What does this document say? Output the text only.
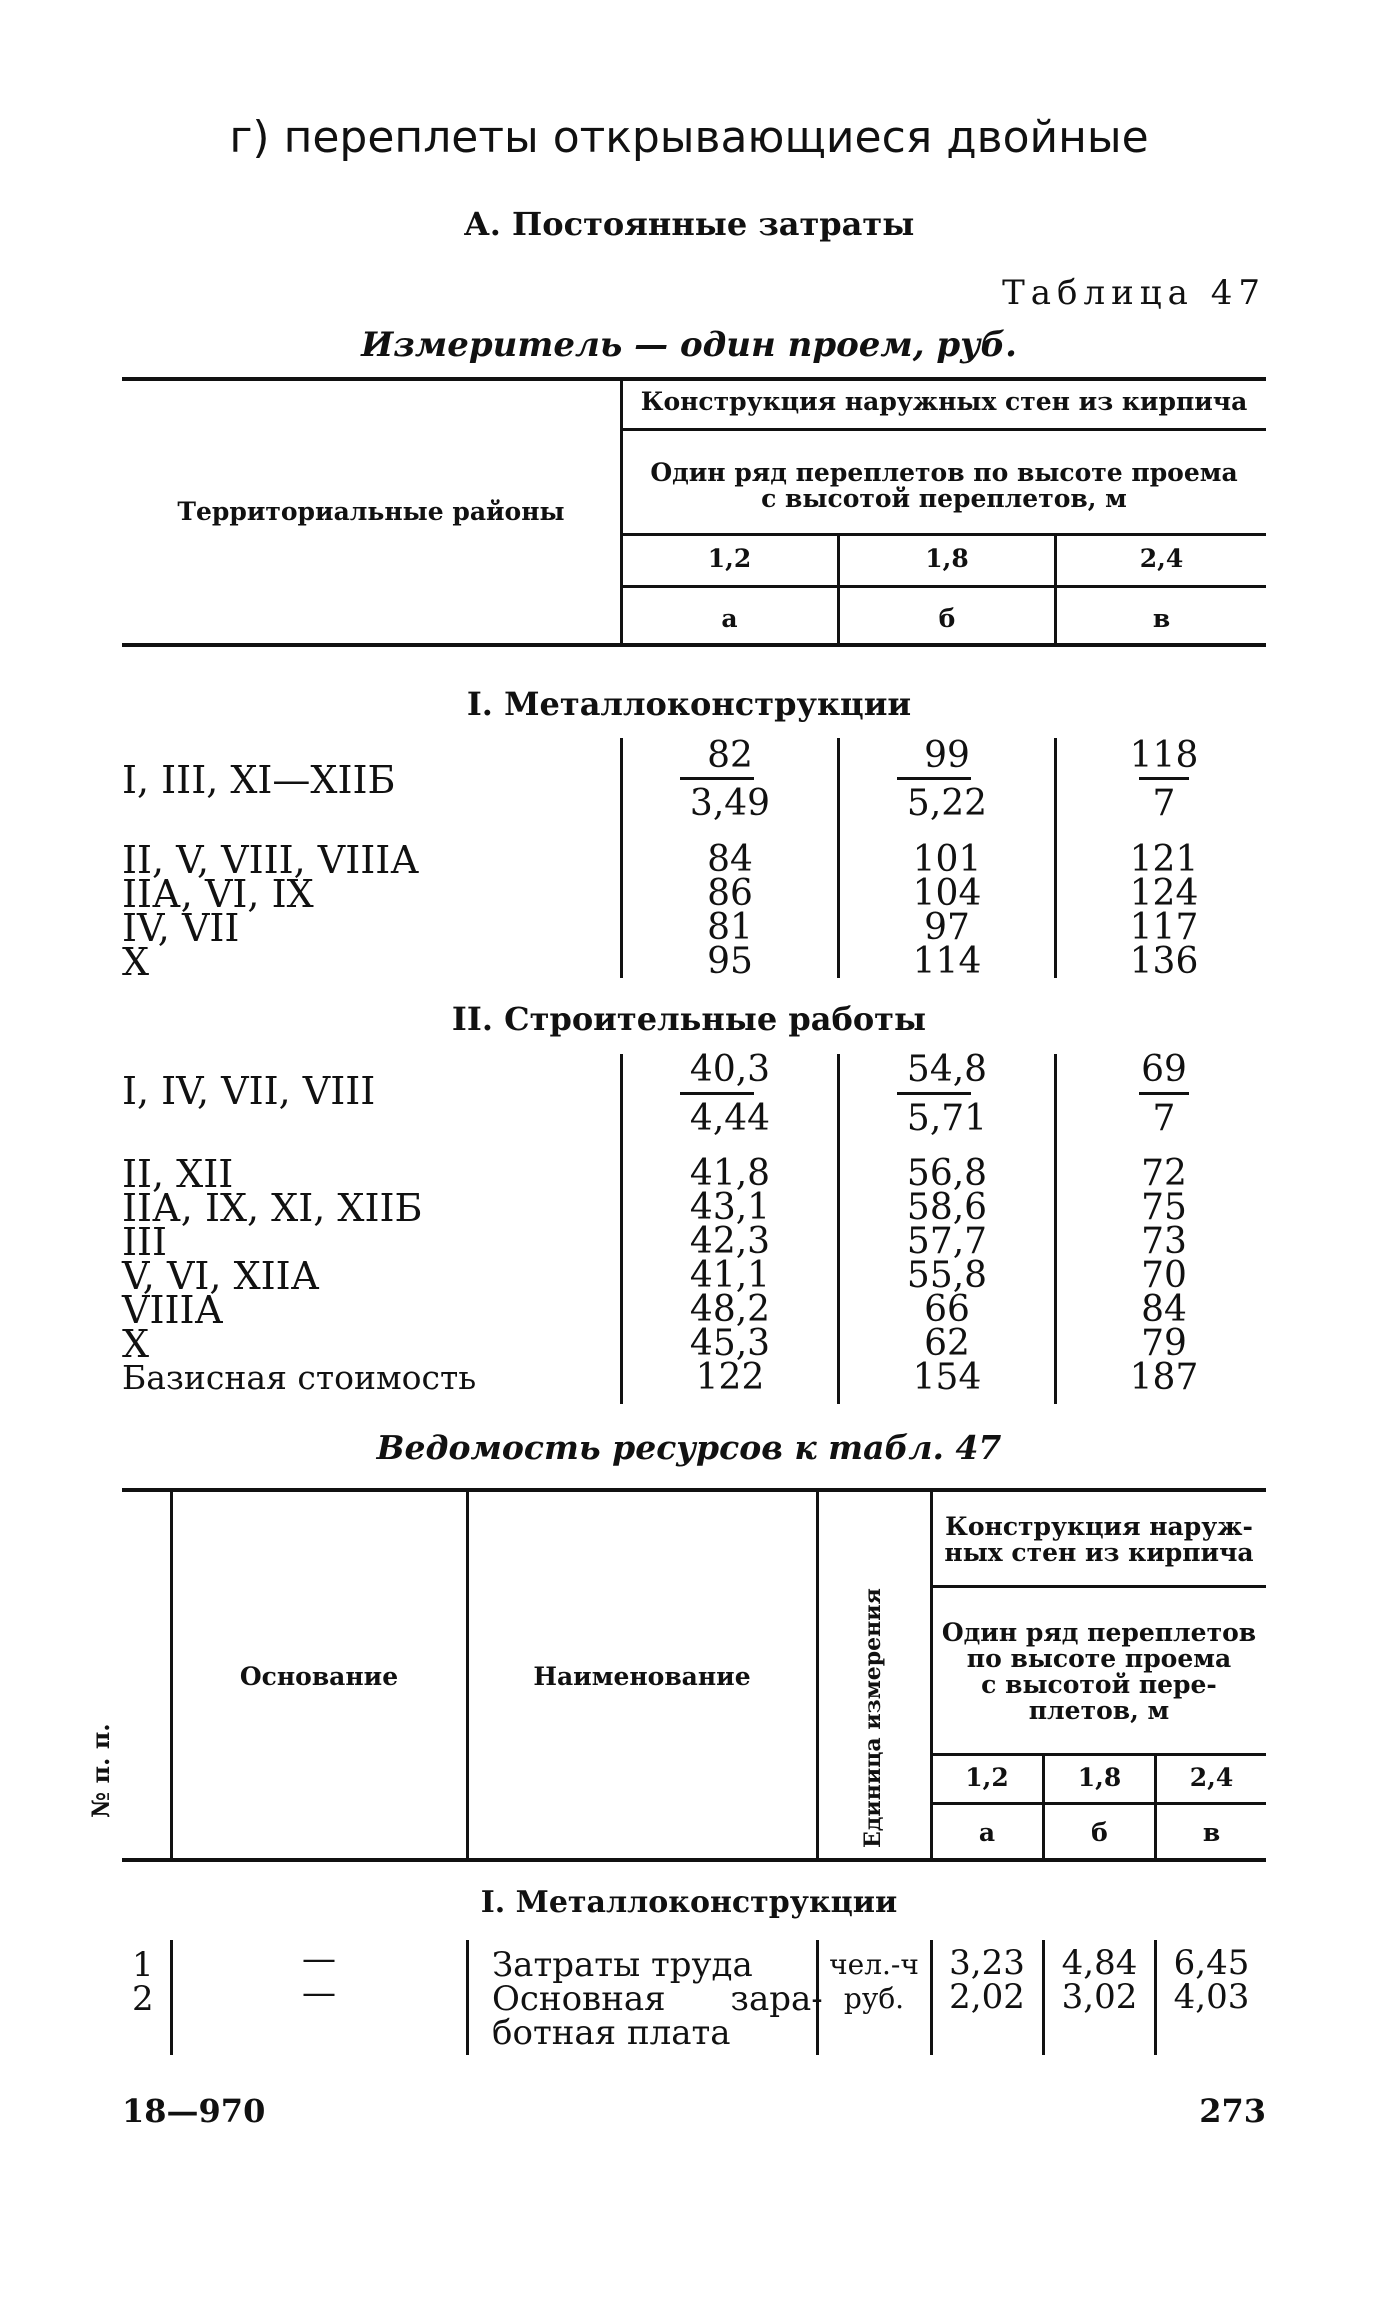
г) переплеты открывающиеся двойные
А. Постоянные затраты
Таблица 47
Измеритель — один проем, руб.
Территориальные районы
Конструкция наружных стен из кирпича
Один ряд переплетов по высоте проема
с высотой переплетов, м
1,2	1,8	2,4
а	б	в
I. Металлоконструкции
I, III, XI—XIIБ
82	99	118
3,49	5,22	7
II, V, VIII, VIIIА	84	101	121
IIА, VI, IX	86	104	124
IV, VII	81	97	117
X	95	114	136
II. Строительные работы
I, IV, VII, VIII	40,3	54,8	69
4,44	5,71	7
II, XII	41,8	56,8	72
IIА, IX, XI, XIIБ	43,1	58,6	75
III	42,3	57,7	73
V, VI, XIIА	41,1	55,8	70
VIIIА	48,2	66	84
X	45,3	62	79
Базисная стоимость	122	154	187
Ведомость ресурсов к табл. 47
№ п. п.
Основание	Наименование	Единица измерения
Конструкция наруж-
ных стен из кирпича
Один ряд переплетов
по высоте проема
с высотой пере-
плетов, м
1,2	1,8	2,4
а	б	в
I. Металлоконструкции
1	—	Затраты труда	чел.-ч 3,23	4,84	6,45
2	—	Основная      зара-
ботная плата
руб.	2,02	3,02	4,03
18—970	273
